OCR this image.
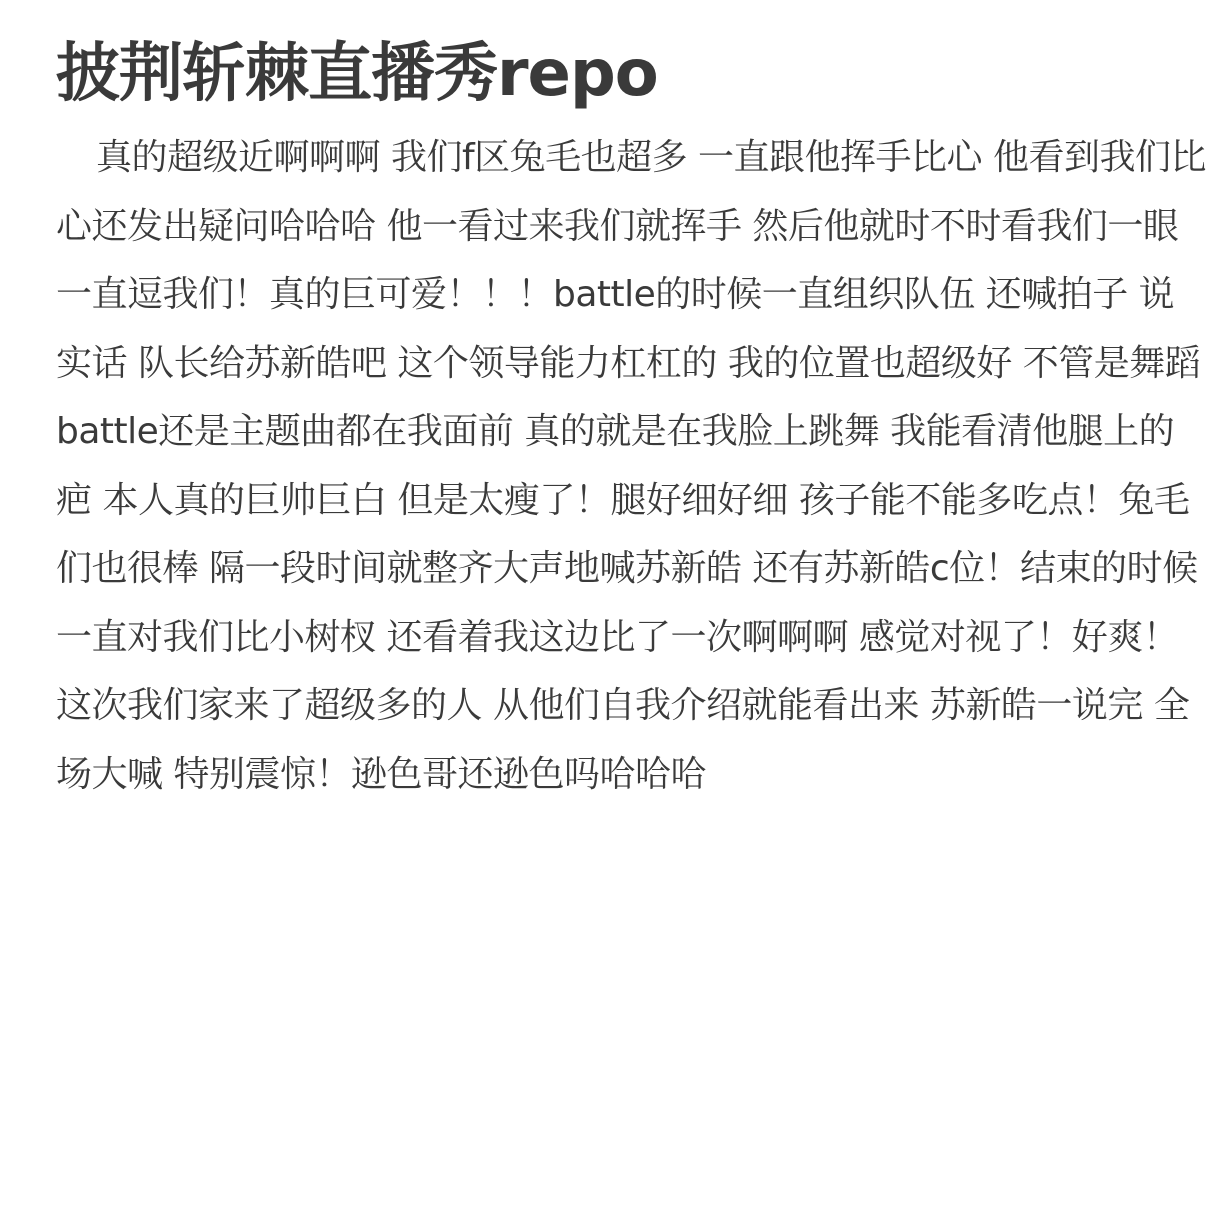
披荆斩棘直播秀repo

真的超级近啊啊啊 我们f区兔毛也超多 一直跟他挥手比心 他看到我们比心还发出疑问哈哈哈 他一看过来我们就挥手 然后他就时不时看我们一眼 一直逗我们！真的巨可爱！！！battle的时候一直组织队伍 还喊拍子 说实话 队长给苏新皓吧 这个领导能力杠杠的 我的位置也超级好 不管是舞蹈battle还是主题曲都在我面前 真的就是在我脸上跳舞 我能看清他腿上的疤 本人真的巨帅巨白 但是太瘦了！腿好细好细 孩子能不能多吃点！兔毛们也很棒 隔一段时间就整齐大声地喊苏新皓 还有苏新皓c位！结束的时候一直对我们比小树杈 还看着我这边比了一次啊啊啊 感觉对视了！好爽！这次我们家来了超级多的人 从他们自我介绍就能看出来 苏新皓一说完 全场大喊 特别震惊！逊色哥还逊色吗哈哈哈
